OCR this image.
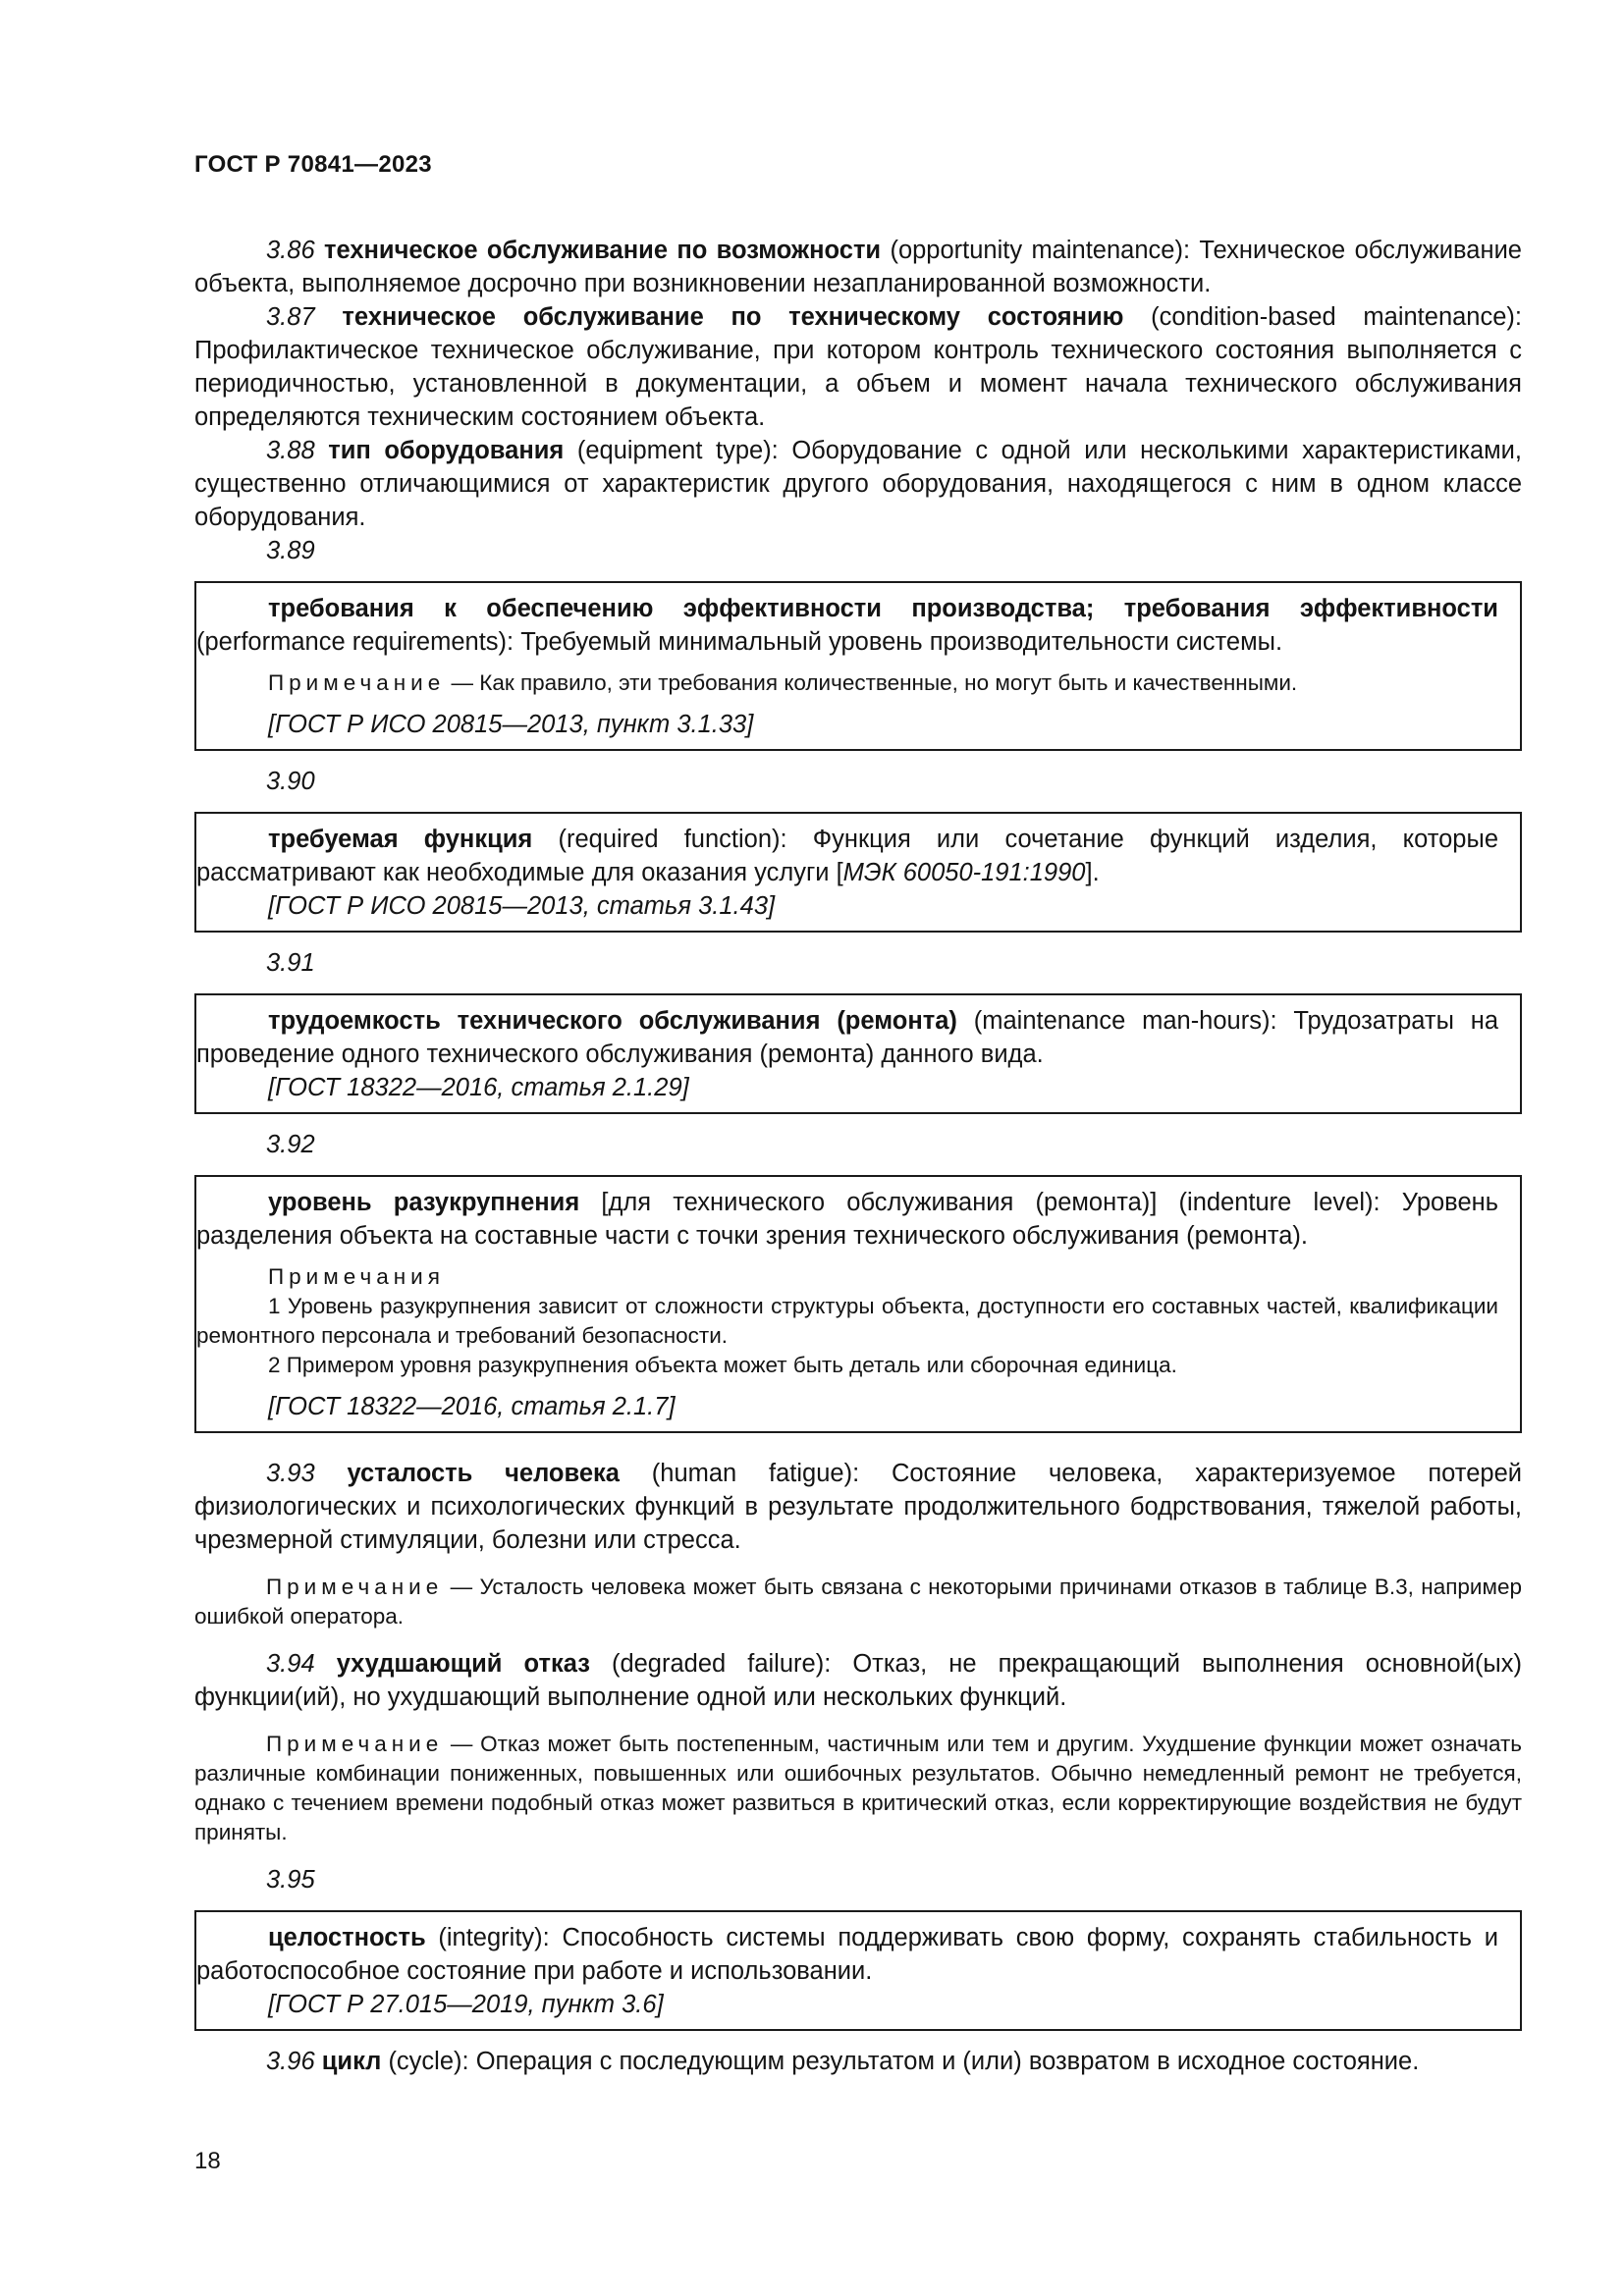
ГОСТ Р 70841—2023

3.86 техническое обслуживание по возможности (opportunity maintenance): Техническое обслуживание объекта, выполняемое досрочно при возникновении незапланированной возможности.

3.87 техническое обслуживание по техническому состоянию (condition-based maintenance): Профилактическое техническое обслуживание, при котором контроль технического состояния выполняется с периодичностью, установленной в документации, а объем и момент начала технического обслуживания определяются техническим состоянием объекта.

3.88 тип оборудования (equipment type): Оборудование с одной или несколькими характеристиками, существенно отличающимися от характеристик другого оборудования, находящегося с ним в одном классе оборудования.

3.89

требования к обеспечению эффективности производства; требования эффективности (performance requirements): Требуемый минимальный уровень производительности системы.

Примечание — Как правило, эти требования количественные, но могут быть и качественными.

[ГОСТ Р ИСО 20815—2013, пункт 3.1.33]

3.90

требуемая функция (required function): Функция или сочетание функций изделия, которые рассматривают как необходимые для оказания услуги [МЭК 60050-191:1990].

[ГОСТ Р ИСО 20815—2013, статья 3.1.43]

3.91

трудоемкость технического обслуживания (ремонта) (maintenance man-hours): Трудозатраты на проведение одного технического обслуживания (ремонта) данного вида.

[ГОСТ 18322—2016, статья 2.1.29]

3.92

уровень разукрупнения [для технического обслуживания (ремонта)] (indenture level): Уровень разделения объекта на составные части с точки зрения технического обслуживания (ремонта).

Примечания

1 Уровень разукрупнения зависит от сложности структуры объекта, доступности его составных частей, квалификации ремонтного персонала и требований безопасности.

2 Примером уровня разукрупнения объекта может быть деталь или сборочная единица.

[ГОСТ 18322—2016, статья 2.1.7]

3.93 усталость человека (human fatigue): Состояние человека, характеризуемое потерей физиологических и психологических функций в результате продолжительного бодрствования, тяжелой работы, чрезмерной стимуляции, болезни или стресса.

Примечание — Усталость человека может быть связана с некоторыми причинами отказов в таблице В.3, например ошибкой оператора.

3.94 ухудшающий отказ (degraded failure): Отказ, не прекращающий выполнения основной(ых) функции(ий), но ухудшающий выполнение одной или нескольких функций.

Примечание — Отказ может быть постепенным, частичным или тем и другим. Ухудшение функции может означать различные комбинации пониженных, повышенных или ошибочных результатов. Обычно немедленный ремонт не требуется, однако с течением времени подобный отказ может развиться в критический отказ, если корректирующие воздействия не будут приняты.

3.95

целостность (integrity): Способность системы поддерживать свою форму, сохранять стабильность и работоспособное состояние при работе и использовании.

[ГОСТ Р 27.015—2019, пункт 3.6]

3.96 цикл (cycle): Операция с последующим результатом и (или) возвратом в исходное состояние.

18
